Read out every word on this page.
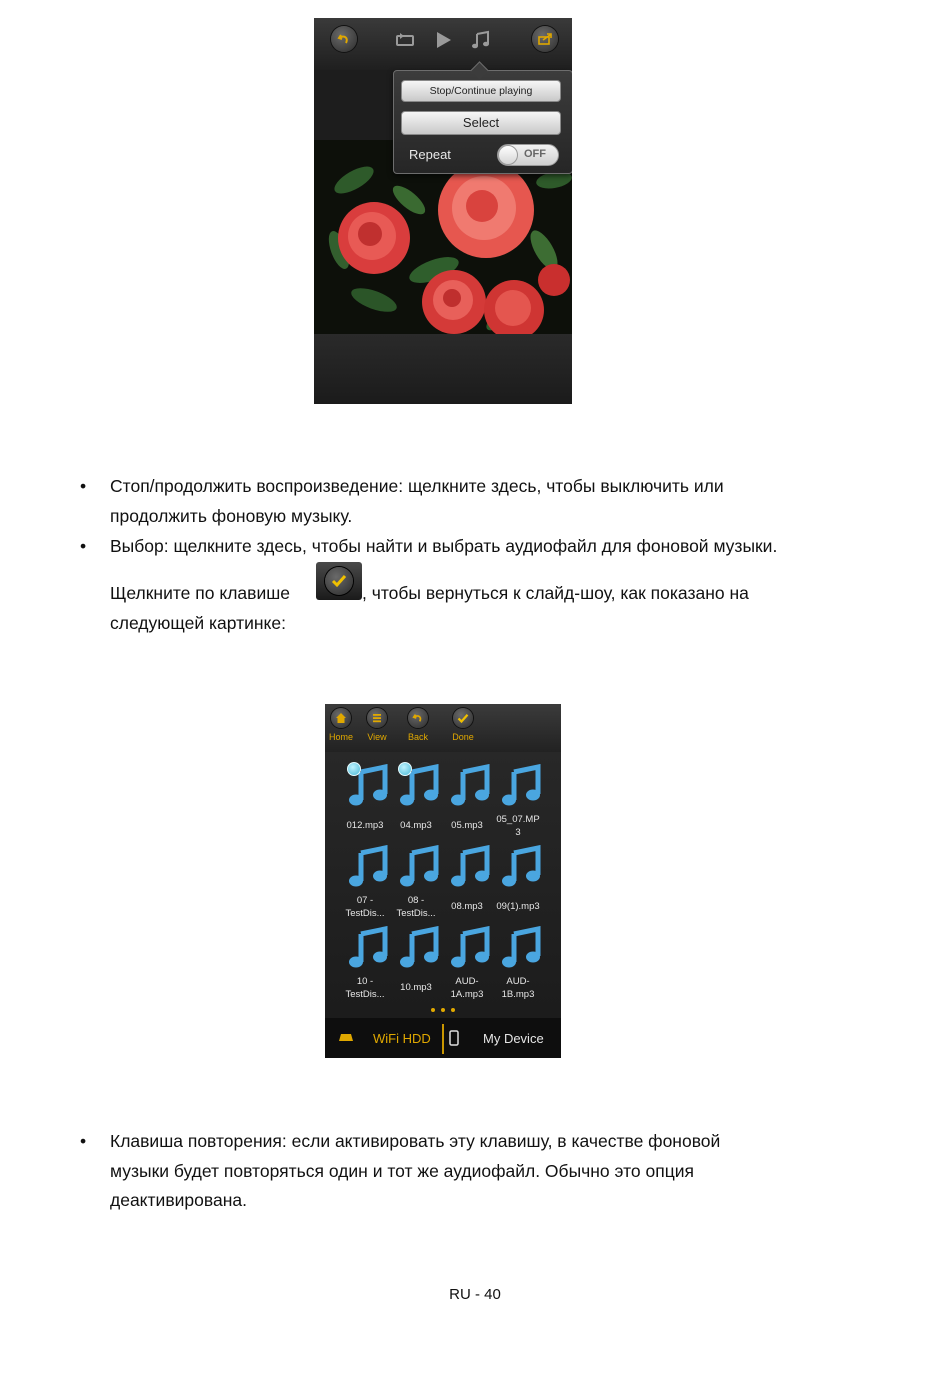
Stop/Continue playing
Select
Repeat	OFF
• Стоп/продолжить воспроизведение: щелкните здесь, чтобы выключить или
продолжить фоновую музыку.
• Выбор: щелкните здесь, чтобы найти и выбрать аудиофайл для фоновой музыки.
Щелкните по клавише	, чтобы вернуться к слайд-шоу, как показано на
следующей картинке:
Home	View	Back	Done
012.mp3	04.mp3	05.mp3
05_07.MP
3
07 -
TestDis...
08 -
TestDis...
08.mp3	09(1).mp3
10 -
TestDis...
10.mp3
AUD-
1A.mp3
AUD-
1B.mp3
WiFi HDD	My Device
• Клавиша повторения: если активировать эту клавишу, в качестве фоновой
музыки будет повторяться один и тот же аудиофайл. Обычно это опция
деактивирована.
RU - 40
